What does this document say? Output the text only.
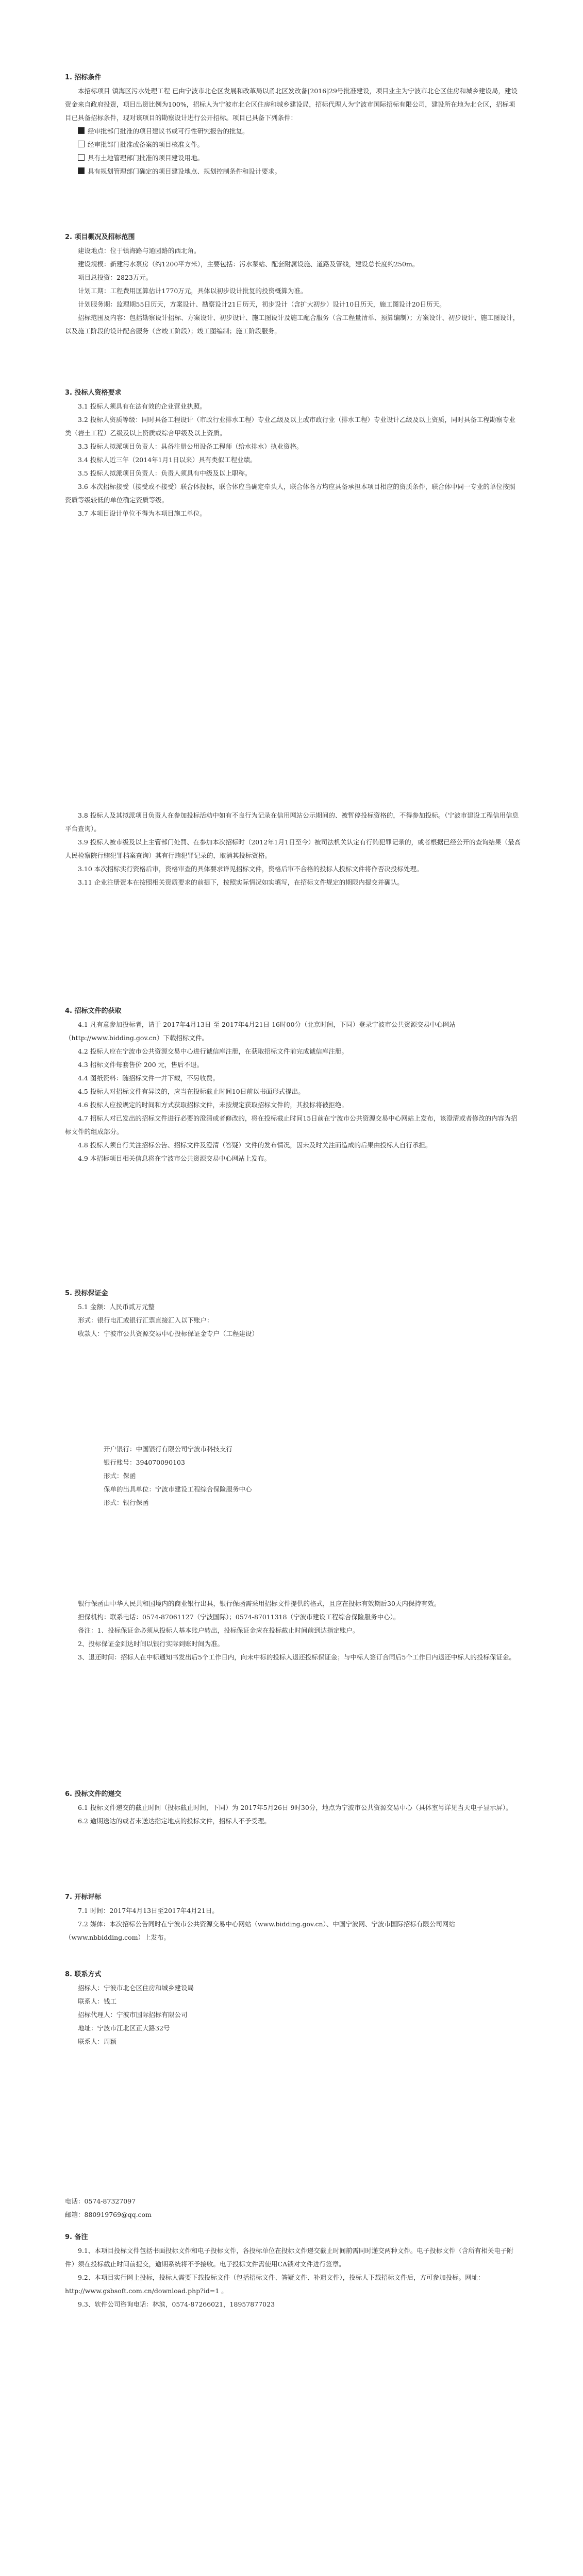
1. 招标条件

本招标项目 镇海区污水处理工程 已由宁波市北仑区发展和改革局以甬北区发改备[2016]29号批准建设，项目业主为宁波市北仑区住房和城乡建设局，建设资金来自政府投资，项目出资比例为100%，招标人为宁波市北仑区住房和城乡建设局，招标代理人为宁波市国际招标有限公司，建设所在地为北仑区，招标项目已具备招标条件，现对该项目的勘察设计进行公开招标。项目已具备下列条件：

经审批部门批准的项目建议书或可行性研究报告的批复。
经审批部门批准或备案的项目核准文件。
具有土地管理部门批准的项目建设用地。
具有规划管理部门确定的项目建设地点、规划控制条件和设计要求。
2. 项目概况及招标范围

建设地点：位于镇海路与通园路的西北角。

建设规模：新建污水泵房（约1200平方米），主要包括：污水泵站、配套附属设施、道路及管线，建设总长度约250m。

项目总投资：2823万元。

计划工期：工程费用匡算估计1770万元，具体以初步设计批复的投资概算为准。

计划服务期：监理期55日历天，方案设计、勘察设计21日历天，初步设计（含扩大初步）设计10日历天，施工图设计20日历天。

招标范围及内容：包括勘察设计招标、方案设计、初步设计、施工图设计及施工配合服务（含工程量清单、预算编制）；方案设计、初步设计、施工图设计，以及施工阶段的设计配合服务（含竣工阶段）；竣工图编制；施工阶段服务。

3. 投标人资格要求

3.1 投标人须具有在法有效的企业营业执照。

3.2 投标人资质等级：同时具备工程设计（市政行业排水工程）专业乙级及以上或市政行业（排水工程）专业设计乙级及以上资质，同时具备工程勘察专业类（岩土工程）乙级及以上资质或综合甲级及以上资质。

3.3 投标人拟派项目负责人：具备注册公用设备工程师（给水排水）执业资格。

3.4 投标人近三年（2014年1月1日以来）具有类似工程业绩。

3.5 投标人拟派项目负责人：负责人须具有中级及以上职称。

3.6 本次招标接受（接受或不接受）联合体投标，联合体应当确定牵头人，联合体各方均应具备承担本项目相应的资质条件，联合体中同一专业的单位按照资质等级较低的单位确定资质等级。

3.7 本项目设计单位不得为本项目施工单位。

3.8 投标人及其拟派项目负责人在参加投标活动中如有不良行为记录在信用网站公示期间的、被暂停投标资格的，不得参加投标。（宁波市建设工程信用信息平台查询）。

3.9 投标人被市级及以上主管部门处罚、在参加本次招标时（2012年1月1日至今）被司法机关认定有行贿犯罪记录的，或者根据已经公开的查询结果（最高人民检察院行贿犯罪档案查询）其有行贿犯罪记录的，取消其投标资格。

3.10 本次招标实行资格后审，资格审查的具体要求详见招标文件，资格后审不合格的投标人投标文件将作否决投标处理。

3.11 企业注册资本在按照相关资质要求的前提下，按照实际情况如实填写，在招标文件规定的期限内提交并确认。

4. 招标文件的获取

4.1 凡有意参加投标者，请于 2017年4月13日 至 2017年4月21日 16时00分（北京时间，下同）登录宁波市公共资源交易中心网站（http://www.bidding.gov.cn）下载招标文件。

4.2 投标人应在宁波市公共资源交易中心进行诚信库注册，在获取招标文件前完成诚信库注册。

4.3 招标文件每套售价 200 元，售后不退。

4.4 图纸资料：随招标文件一并下载，不另收费。

4.5 投标人对招标文件有异议的，应当在投标截止时间10日前以书面形式提出。

4.6 投标人应按规定的时间和方式获取招标文件，未按规定获取招标文件的，其投标将被拒绝。

4.7 招标人对已发出的招标文件进行必要的澄清或者修改的，将在投标截止时间15日前在宁波市公共资源交易中心网站上发布，该澄清或者修改的内容为招标文件的组成部分。

4.8 投标人须自行关注招标公告、招标文件及澄清（答疑）文件的发布情况，因未及时关注而造成的后果由投标人自行承担。

4.9 本招标项目相关信息将在宁波市公共资源交易中心网站上发布。

5. 投标保证金

5.1 金额：人民币贰万元整

形式：银行电汇或银行汇票直接汇入以下账户：

收款人：宁波市公共资源交易中心投标保证金专户（工程建设）

开户银行：中国银行有限公司宁波市科技支行

银行账号：394070090103

形式：保函

保单的出具单位：宁波市建设工程综合保险服务中心

形式：银行保函

银行保函由中华人民共和国境内的商业银行出具，银行保函需采用招标文件提供的格式，且应在投标有效期后30天内保持有效。

担保机构：联系电话：0574-87061127（宁波国际）；0574-87011318（宁波市建设工程综合保险服务中心）。

备注：1、投标保证金必须从投标人基本账户转出，投标保证金应在投标截止时间前到达指定账户。

2、投标保证金到达时间以银行实际到账时间为准。

3、退还时间：招标人在中标通知书发出后5个工作日内，向未中标的投标人退还投标保证金；与中标人签订合同后5个工作日内退还中标人的投标保证金。

6. 投标文件的递交

6.1 投标文件递交的截止时间（投标截止时间，下同）为 2017年5月26日 9时30分，地点为宁波市公共资源交易中心（具体室号详见当天电子显示屏）。

6.2 逾期送达的或者未送达指定地点的投标文件，招标人不予受理。

7. 开标评标

7.1 时间：2017年4月13日至2017年4月21日。

7.2 媒体：本次招标公告同时在宁波市公共资源交易中心网站（www.bidding.gov.cn）、中国宁波网、宁波市国际招标有限公司网站（www.nbbidding.com）上发布。

8. 联系方式

招标人：宁波市北仑区住房和城乡建设局

联系人：钱工

招标代理人：宁波市国际招标有限公司

地址：宁波市江北区正大路32号

联系人：周颖

电话：0574-87327097
邮箱：880919769@qq.com
9. 备注

9.1、本项目投标文件包括书面投标文件和电子投标文件，各投标单位在投标文件递交截止时间前需同时递交两种文件。电子投标文件（含所有相关电子附件）须在投标截止时间前提交，逾期系统将不予接收。电子投标文件需使用CA锁对文件进行签章。

9.2、本项目实行网上投标，投标人需要下载投标文件（包括招标文件、答疑文件、补遗文件），投标人下载招标文件后，方可参加投标。网址：http://www.gsbsoft.com.cn/download.php?id=1 。

9.3、软件公司咨询电话：林滨，0574-87266021，18957877023
